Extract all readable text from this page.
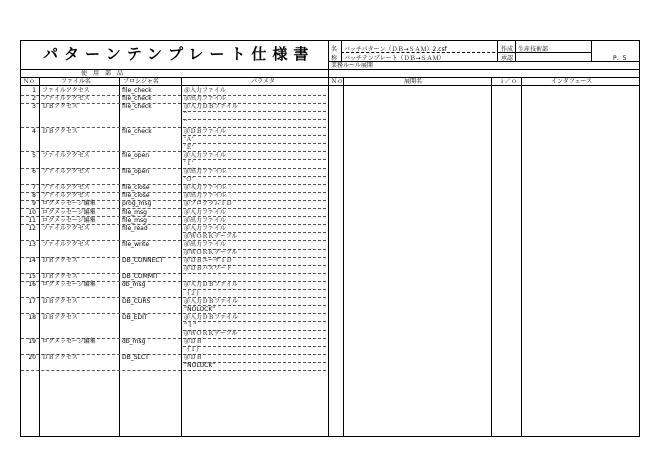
パターンテンプレート仕様書	名
称
バッチパターン（ＤＢ→ＳＡＭ）2.csf
バッチテンプレート（ＤＢ→ＳＡＭ）
作成
承認
生産技術部
P．5
使　用　部　品
業務ルール展開
Ｎｏ	ファイル名	プロシジャ名	パラメタ	Ｎｏ	展開名	ｉ／ｏ	インタフェース
1 ファイルアクセス	file_check	＠入力ファイル
2 ファイルアクセス	file_check	＠出力ファイル
3 ＤＢアクセス	file_check	＠入力ＤＢファイル
’’
’’
4 ＤＢアクセス	file_check	＠ＤＢファイル
’Ａ’
’Ｅ’
5 ファイルアクセス	file_open	＠入力ファイル
’Ｉ’
6 ファイルアクセス	file_open	＠出力ファイル
’Ｏ’
7 ファイルアクセス	file_close	＠入力ファイル
8 ファイルアクセス	file_close	＠出力ファイル
9 ログメッセージ編集	prog_msg	＠プログラムＩＤ
10 ログメッセージ編集	file_msg	＠入力ファイル
11 ログメッセージ編集	file_msg	＠出力ファイル
12 ファイルアクセス	file_read	＠入力ファイル
＠ＷＯＲＫテーブル
13 ファイルアクセス	file_write	＠出力ファイル
＠ＷＯＲＫテーブル
14 ＤＢアクセス	DB_CONNECT	＠ＤＢユーザＩＤ
＠ＤＢパスワード
15 ＤＢアクセス	DB_COMMIT
16 ログメッセージ編集	db_msg	＠入力ＤＢファイル
｛２｝
17 ＤＢアクセス	DB_CURS	＠入力ＤＢファイル
”NOLOCK”
18 ＤＢアクセス	DB_EDIT	＠入力ＤＢファイル
”Ｉ”
＠ＷＯＲＫテーブル
19 ログメッセージ編集	db_msg	＠ＤＢ
｛１｝
20 ＤＢアクセス	DB_SLCT	＠ＤＢ
”NOLOCK”
